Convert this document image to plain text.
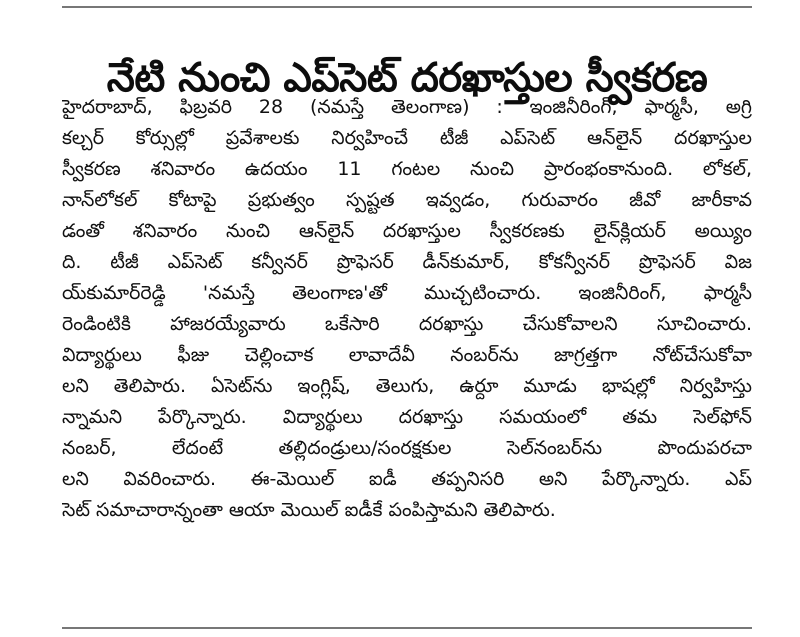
నేటి నుంచి ఎప్‌సెట్ దరఖాస్తుల స్వీకరణ
హైదరాబాద్, ఫిబ్రవరి 28 (నమస్తే తెలంగాణ) : ఇంజినీరింగ్, ఫార్మసీ, అగ్రి
కల్చర్ కోర్సుల్లో ప్రవేశాలకు నిర్వహించే టీజీ ఎప్‌సెట్ ఆన్‌లైన్ దరఖాస్తుల
స్వీకరణ శనివారం ఉదయం 11 గంటల నుంచి ప్రారంభంకానుంది. లోకల్,
నాన్‌లోకల్ కోటాపై ప్రభుత్వం స్పష్టత ఇవ్వడం, గురువారం జీవో జారీకావ
డంతో శనివారం నుంచి ఆన్‌లైన్ దరఖాస్తుల స్వీకరణకు లైన్‌క్లియర్ అయ్యిం
ది. టీజీ ఎప్‌సెట్ కన్వీనర్ ప్రొఫెసర్ డీన్‌కుమార్, కోకన్వీనర్ ప్రొఫెసర్ విజ
య్‌కుమార్‌రెడ్డి 'నమస్తే తెలంగాణ'తో ముచ్చటించారు. ఇంజినీరింగ్, ఫార్మసీ
రెండింటికి హాజరయ్యేవారు ఒకేసారి దరఖాస్తు చేసుకోవాలని సూచించారు.
విద్యార్థులు ఫీజు చెల్లించాక లావాదేవీ నంబర్‌ను జాగ్రత్తగా నోట్‌చేసుకోవా
లని తెలిపారు. ఏసెట్‌ను ఇంగ్లిష్, తెలుగు, ఉర్దూ మూడు భాషల్లో నిర్వహిస్తు
న్నామని పేర్కొన్నారు. విద్యార్థులు దరఖాస్తు సమయంలో తమ సెల్‌ఫోన్
నంబర్, లేదంటే తల్లిదండ్రులు/సంరక్షకుల సెల్‌నంబర్‌ను పొందుపరచా
లని వివరించారు. ఈ-మెయిల్ ఐడీ తప్పనిసరి అని పేర్కొన్నారు. ఎప్
సెట్ సమాచారాన్నంతా ఆయా మెయిల్ ఐడీకే పంపిస్తామని తెలిపారు.
